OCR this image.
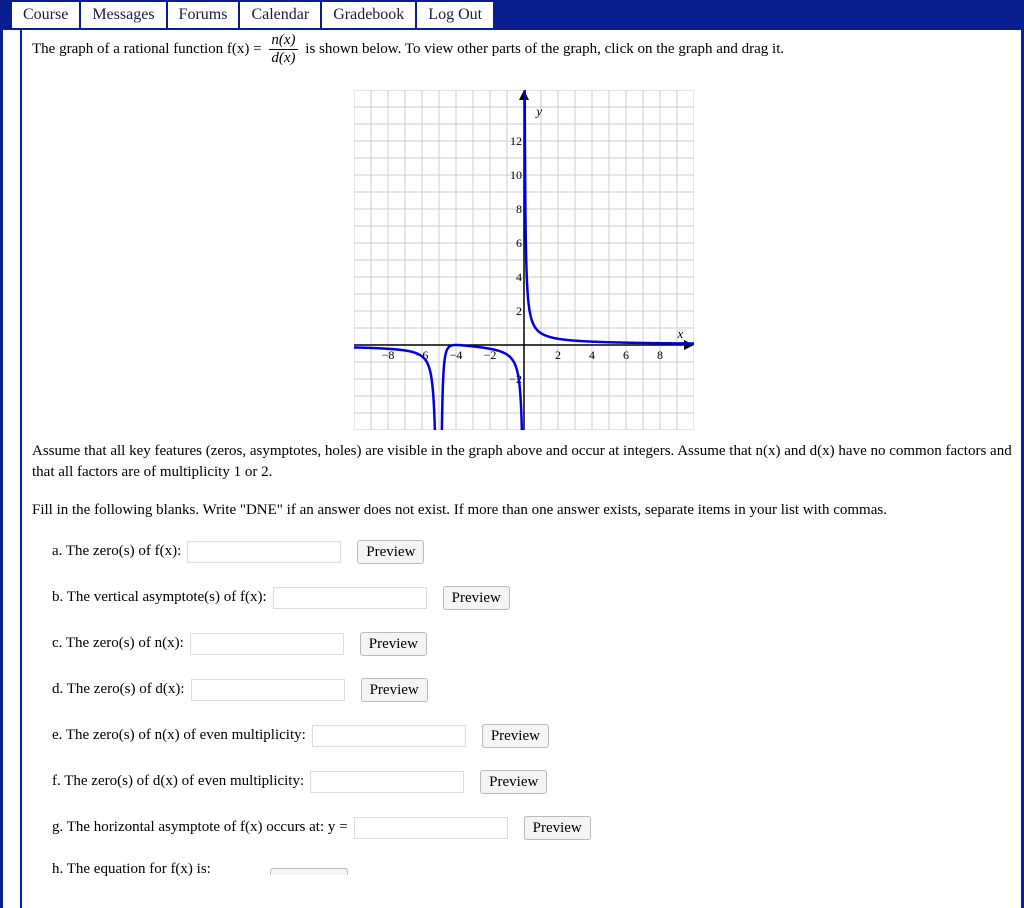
Course	Messages	Forums	Calendar	Gradebook	Log Out
The graph of a rational function $f(x) = \frac{n(x)}{d(x)}$ is shown below. To view other parts of the graph, click on the graph and drag it.
x
y
−8 −6 −4 −2	2 4 6 8
12
10
8
6
4
2
−2
Assume that all key features (zeros, asymptotes, holes) are visible in the graph above and occur at integers. Assume that n(x) and d(x) have no common factors and that all factors are of multiplicity 1 or 2.
Fill in the following blanks. Write "DNE" if an answer does not exist. If more than one answer exists, separate items in your list with commas.
a. The zero(s) of f(x):	Preview
b. The vertical asymptote(s) of f(x):	Preview
c. The zero(s) of n(x):	Preview
d. The zero(s) of d(x):	Preview
e. The zero(s) of n(x) of even multiplicity:	Preview
f. The zero(s) of d(x) of even multiplicity:	Preview
g. The horizontal asymptote of f(x) occurs at: y =	Preview
h. The equation for f(x) is:
